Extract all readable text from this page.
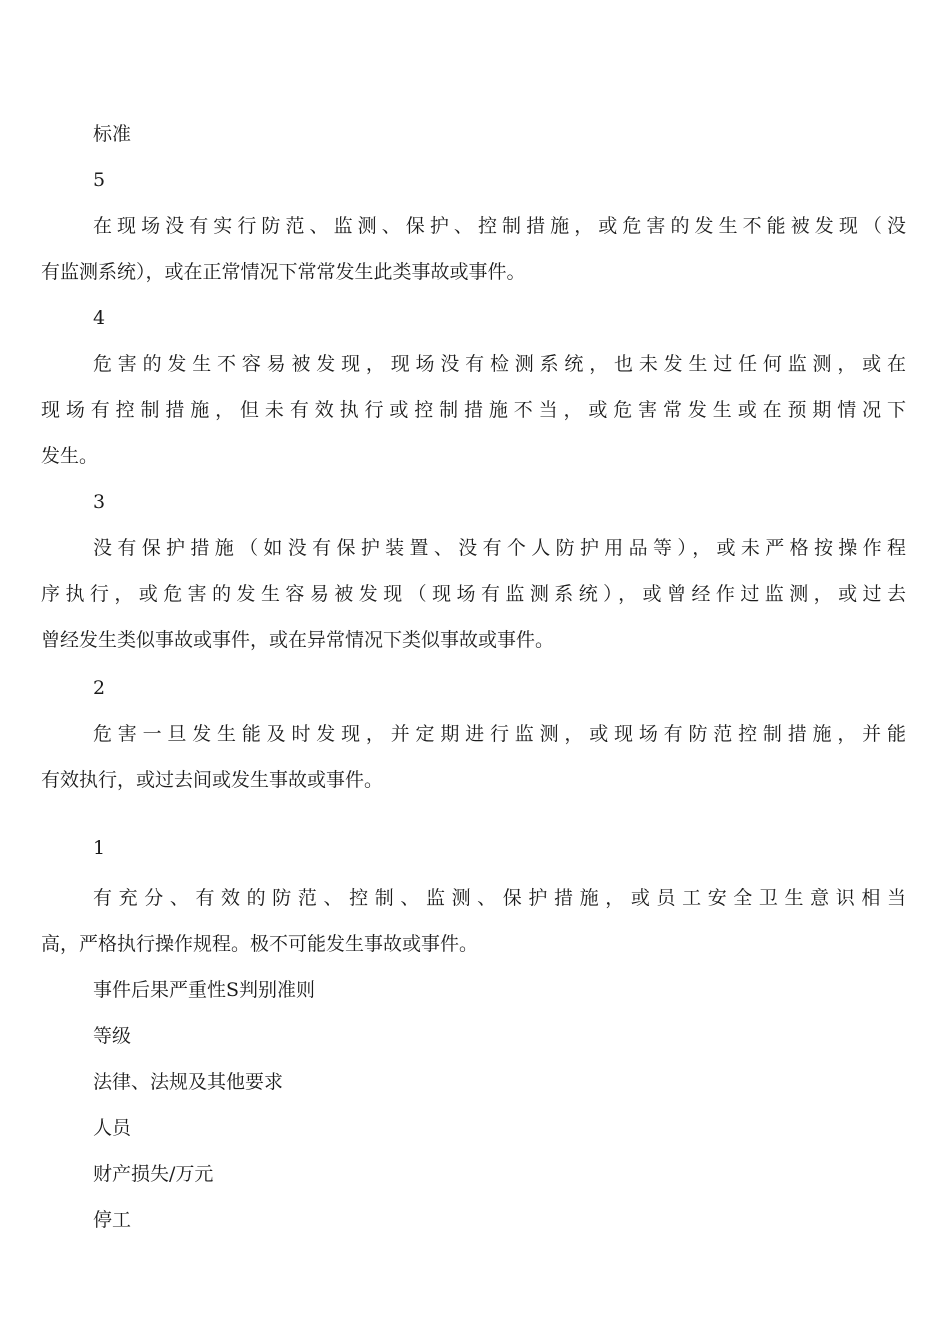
标准
5
在现场没有实行防范、监测、保护、控制措施，或危害的发生不能被发现（没
有监测系统），或在正常情况下常常发生此类事故或事件。
4
危害的发生不容易被发现，现场没有检测系统，也未发生过任何监测，或在
现场有控制措施，但未有效执行或控制措施不当，或危害常发生或在预期情况下
发生。
3
没有保护措施（如没有保护装置、没有个人防护用品等），或未严格按操作程
序执行，或危害的发生容易被发现（现场有监测系统），或曾经作过监测，或过去
曾经发生类似事故或事件，或在异常情况下类似事故或事件。
2
危害一旦发生能及时发现，并定期进行监测，或现场有防范控制措施，并能
有效执行，或过去间或发生事故或事件。
1
有充分、有效的防范、控制、监测、保护措施，或员工安全卫生意识相当
高，严格执行操作规程。极不可能发生事故或事件。
事件后果严重性S判别准则
等级
法律、法规及其他要求
人员
财产损失/万元
停工
